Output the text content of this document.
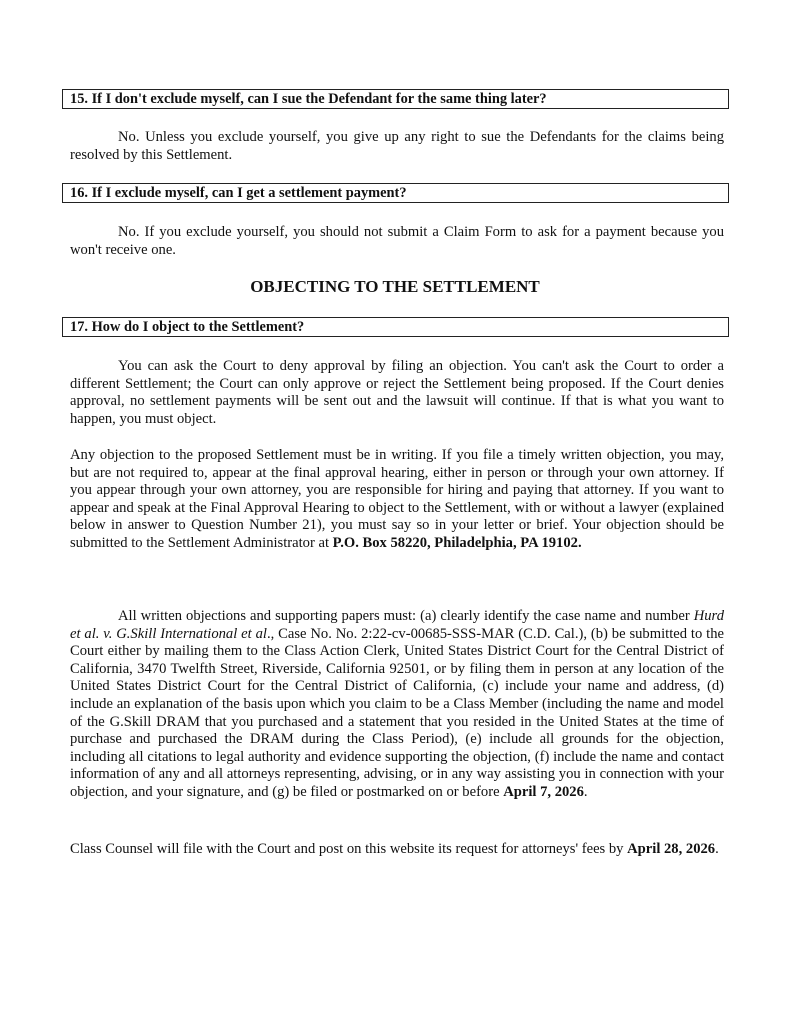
15. If I don't exclude myself, can I sue the Defendant for the same thing later?

No. Unless you exclude yourself, you give up any right to sue the Defendants for the claims being resolved by this Settlement.

16. If I exclude myself, can I get a settlement payment?

No. If you exclude yourself, you should not submit a Claim Form to ask for a payment because you won't receive one.

OBJECTING TO THE SETTLEMENT
17. How do I object to the Settlement?

You can ask the Court to deny approval by filing an objection. You can't ask the Court to order a different Settlement; the Court can only approve or reject the Settlement being proposed. If the Court denies approval, no settlement payments will be sent out and the lawsuit will continue. If that is what you want to happen, you must object.

Any objection to the proposed Settlement must be in writing. If you file a timely written objection, you may, but are not required to, appear at the final approval hearing, either in person or through your own attorney. If you appear through your own attorney, you are responsible for hiring and paying that attorney. If you want to appear and speak at the Final Approval Hearing to object to the Settlement, with or without a lawyer (explained below in answer to Question Number 21), you must say so in your letter or brief. Your objection should be submitted to the Settlement Administrator at P.O. Box 58220, Philadelphia, PA 19102.

All written objections and supporting papers must: (a) clearly identify the case name and number Hurd et al. v. G.Skill International et al., Case No. No. 2:22-cv-00685-SSS-MAR (C.D. Cal.), (b) be submitted to the Court either by mailing them to the Class Action Clerk, United States District Court for the Central District of California, 3470 Twelfth Street, Riverside, California 92501, or by filing them in person at any location of the United States District Court for the Central District of California, (c) include your name and address, (d) include an explanation of the basis upon which you claim to be a Class Member (including the name and model of the G.Skill DRAM that you purchased and a statement that you resided in the United States at the time of purchase and purchased the DRAM during the Class Period), (e) include all grounds for the objection, including all citations to legal authority and evidence supporting the objection, (f) include the name and contact information of any and all attorneys representing, advising, or in any way assisting you in connection with your objection, and your signature, and (g) be filed or postmarked on or before April 7, 2026.

Class Counsel will file with the Court and post on this website its request for attorneys' fees by April 28, 2026.
